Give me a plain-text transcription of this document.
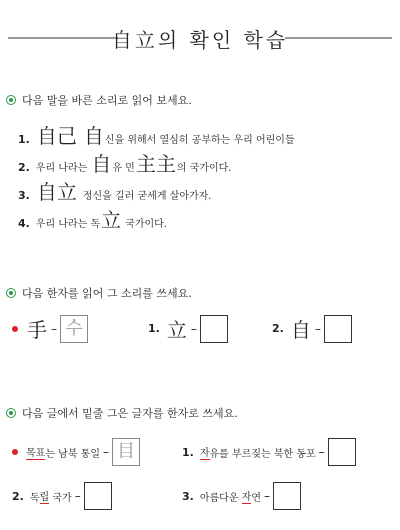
自立의 확인 학습
다음 말을 바른 소리로 읽어 보세요.
1. 自己 自 신을 위해서 열심히 공부하는 우리 어린이들
2. 우리 나라는 自 유 민 主主 의 국가이다.
3. 自立 정신을 길러 굳세게 살아가자.
4. 우리 나라는 독 立 국가이다.
다음 한자를 읽어 그 소리를 쓰세요.
手 – 수	1. 立 –	2. 自 –
다음 글에서 밑줄 그은 글자를 한자로 쓰세요.
목표 는 남북 통일 – 目	1. 자 유를 부르짖는 북한 동포 –
2. 독 립 국가 –	3. 아름다운 자 연 –
